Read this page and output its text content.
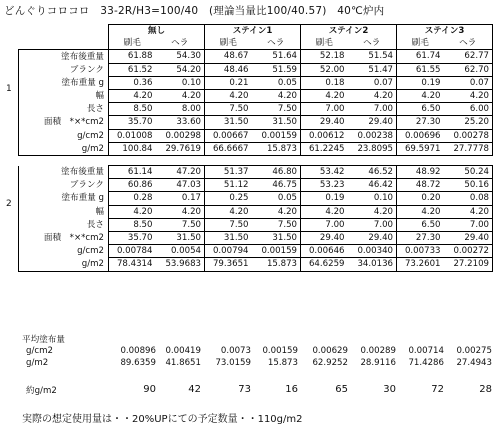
どんぐりコロコロ　33-2R/H3=100/40　(理論当量比100/40.57)　40℃炉内
	無し		ステイン1		ステイン2		ステイン3	
	刷毛	ヘラ	刷毛	ヘラ	刷毛	ヘラ	刷毛	ヘラ
塗布後重量	61.88	54.30	48.67	51.64	52.18	51.54	61.74	62.77
ブランク	61.52	54.20	48.46	51.59	52.00	51.47	61.55	62.70
塗布重量 g	0.36	0.10	0.21	0.05	0.18	0.07	0.19	0.07
幅	4.20	4.20	4.20	4.20	4.20	4.20	4.20	4.20
長さ	8.50	8.00	7.50	7.50	7.00	7.00	6.50	6.00
面積　*×*cm2	35.70	33.60	31.50	31.50	29.40	29.40	27.30	25.20
g/cm2	0.01008	0.00298	0.00667	0.00159	0.00612	0.00238	0.00696	0.00278
g/m2	100.84	29.7619	66.6667	15.873	61.2245	23.8095	69.5971	27.7778

塗布後重量	61.14	47.20	51.37	46.80	53.42	46.52	48.92	50.24
ブランク	60.86	47.03	51.12	46.75	53.23	46.42	48.72	50.16
塗布重量 g	0.28	0.17	0.25	0.05	0.19	0.10	0.20	0.08
幅	4.20	4.20	4.20	4.20	4.20	4.20	4.20	4.20
長さ	8.50	7.50	7.50	7.50	7.00	7.00	6.50	7.00
面積　*×*cm2	35.70	31.50	31.50	31.50	29.40	29.40	27.30	29.40
g/cm2	0.00784	0.0054	0.00794	0.00159	0.00646	0.00340	0.00733	0.00272
g/m2	78.4314	53.9683	79.3651	15.873	64.6259	34.0136	73.2601	27.2109
1
2
平均塗布量
g/cm2	0.00896 0.00419 0.0073 0.00159 0.00629 0.00289 0.00714 0.00275
g/m2	89.6359 41.8651 73.0159 15.873 62.9252 28.9116 71.4286 27.4943
約g/m2	90	42	73	16	65	30	72	28
実際の想定使用量は・・20%UPにての予定数量・・110g/m2
